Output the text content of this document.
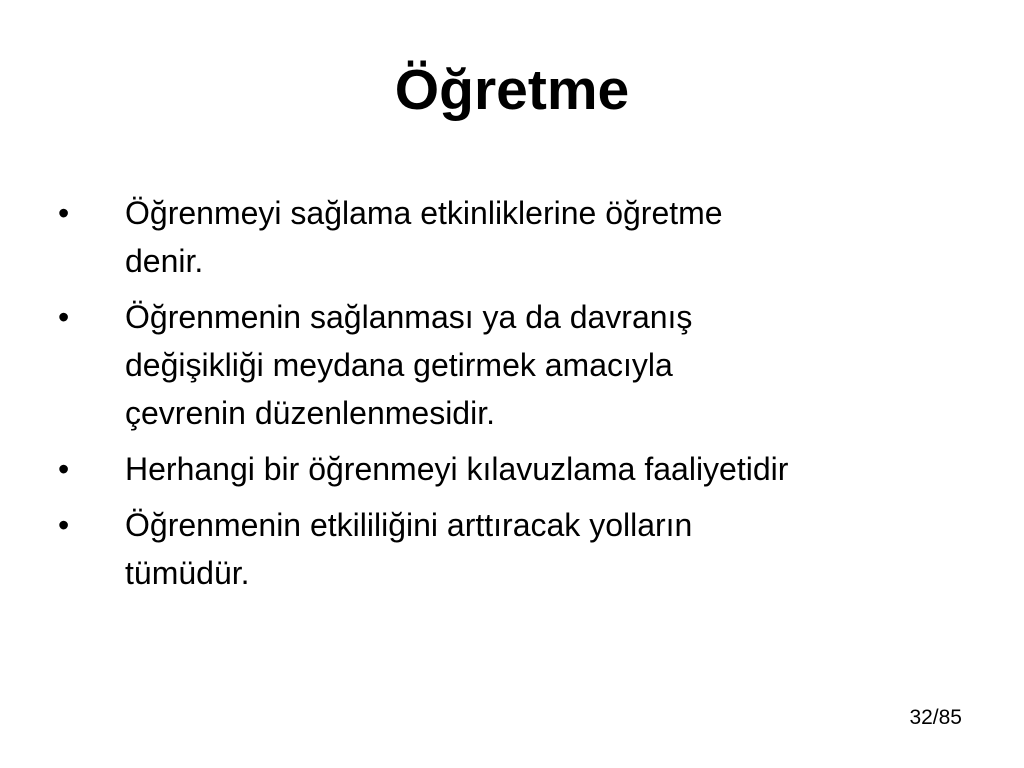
Öğretme
•	Öğrenmeyi sağlama etkinliklerine öğretme
denir.
•	Öğrenmenin sağlanması ya da davranış
değişikliği meydana getirmek amacıyla
çevrenin düzenlenmesidir.
•	Herhangi bir öğrenmeyi kılavuzlama faaliyetidir
•	Öğrenmenin etkililiğini arttıracak yolların
tümüdür.
32/85
